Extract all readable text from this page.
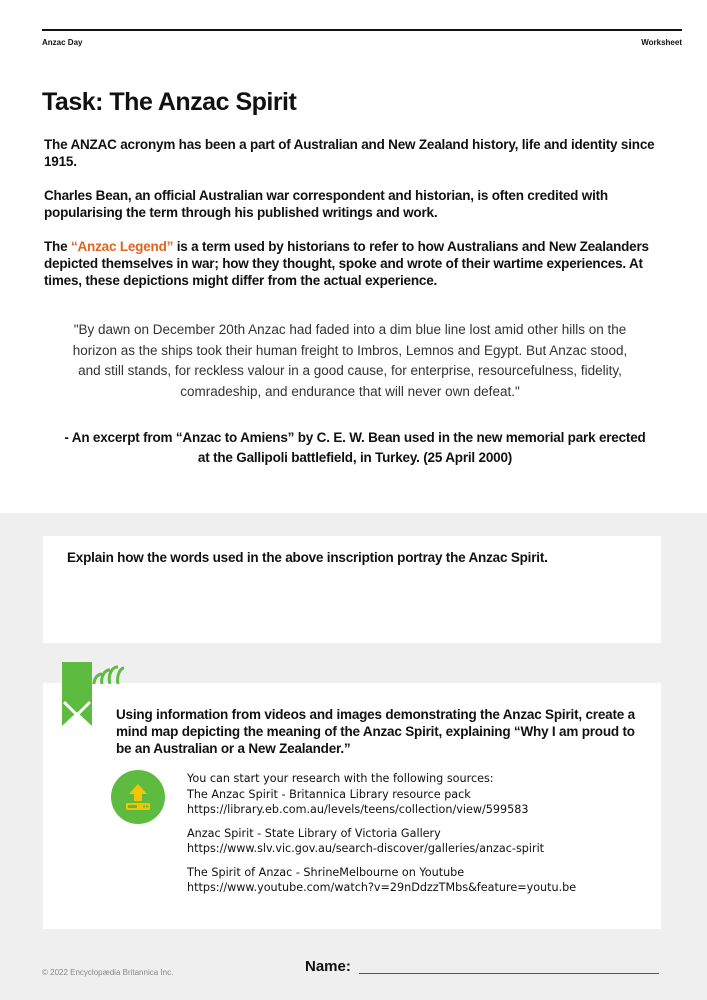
Anzac Day	Worksheet
Task: The Anzac Spirit

The ANZAC acronym has been a part of Australian and New Zealand history, life and identity since 1915.

Charles Bean, an official Australian war correspondent and historian, is often credited with popularising the term through his published writings and work.

The “Anzac Legend” is a term used by historians to refer to how Australians and New Zealanders depicted themselves in war; how they thought, spoke and wrote of their wartime experiences. At times, these depictions might differ from the actual experience.

"By dawn on December 20th Anzac had faded into a dim blue line lost amid other hills on the horizon as the ships took their human freight to Imbros, Lemnos and Egypt. But Anzac stood, and still stands, for reckless valour in a good cause, for enterprise, resourcefulness, fidelity, comradeship, and endurance that will never own defeat."

- An excerpt from “Anzac to Amiens” by C. E. W. Bean used in the new memorial park erected at the Gallipoli battlefield, in Turkey. (25 April 2000)

Explain how the words used in the above inscription portray the Anzac Spirit.
Using information from videos and images demonstrating the Anzac Spirit, create a mind map depicting the meaning of the Anzac Spirit, explaining “Why I am proud to be an Australian or a New Zealander.”
You can start your research with the following sources:
The Anzac Spirit - Britannica Library resource pack
https://library.eb.com.au/levels/teens/collection/view/599583
Anzac Spirit - State Library of Victoria Gallery
https://www.slv.vic.gov.au/search-discover/galleries/anzac-spirit
The Spirit of Anzac - ShrineMelbourne on Youtube
https://www.youtube.com/watch?v=29nDdzzTMbs&feature=youtu.be
© 2022 Encyclopædia Britannica Inc.	Name:
